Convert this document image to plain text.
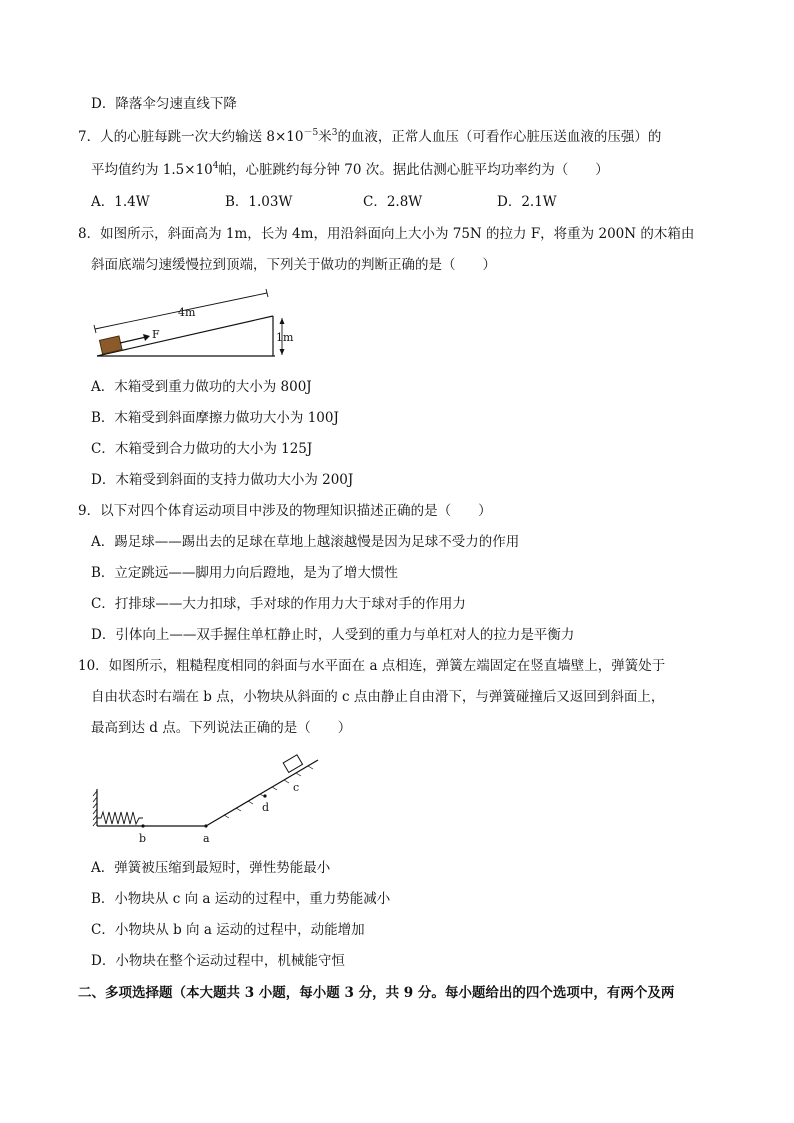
D．降落伞匀速直线下降
7．人的心脏每跳一次大约输送 $8\times 10^{-5}$米$^3$的血液，正常人血压（可看作心脏压送血液的压强）的
平均值约为 $1.5\times 10^4$帕，心脏跳约每分钟 70 次。据此估测心脏平均功率约为（　　）
A．1.4W	B．1.03W	C．2.8W	D．2.1W
8．如图所示，斜面高为 1m，长为 4m，用沿斜面向上大小为 75N 的拉力 F，将重为 200N 的木箱由
斜面底端匀速缓慢拉到顶端，下列关于做功的判断正确的是（　　）
4m
1m
F
b	a
d
c
A．木箱受到重力做功的大小为 800J
B．木箱受到斜面摩擦力做功大小为 100J
C．木箱受到合力做功的大小为 125J
D．木箱受到斜面的支持力做功大小为 200J
9．以下对四个体育运动项目中涉及的物理知识描述正确的是（　　）
A．踢足球——踢出去的足球在草地上越滚越慢是因为足球不受力的作用
B．立定跳远——脚用力向后蹬地，是为了增大惯性
C．打排球——大力扣球，手对球的作用力大于球对手的作用力
D．引体向上——双手握住单杠静止时，人受到的重力与单杠对人的拉力是平衡力
10．如图所示，粗糙程度相同的斜面与水平面在 a 点相连，弹簧左端固定在竖直墙壁上，弹簧处于
自由状态时右端在 b 点，小物块从斜面的 c 点由静止自由滑下，与弹簧碰撞后又返回到斜面上，
最高到达 d 点。下列说法正确的是（　　）
A．弹簧被压缩到最短时，弹性势能最小
B．小物块从 c 向 a 运动的过程中，重力势能减小
C．小物块从 b 向 a 运动的过程中，动能增加
D．小物块在整个运动过程中，机械能守恒
二、多项选择题（本大题共 3 小题，每小题 3 分，共 9 分。每小题给出的四个选项中，有两个及两
